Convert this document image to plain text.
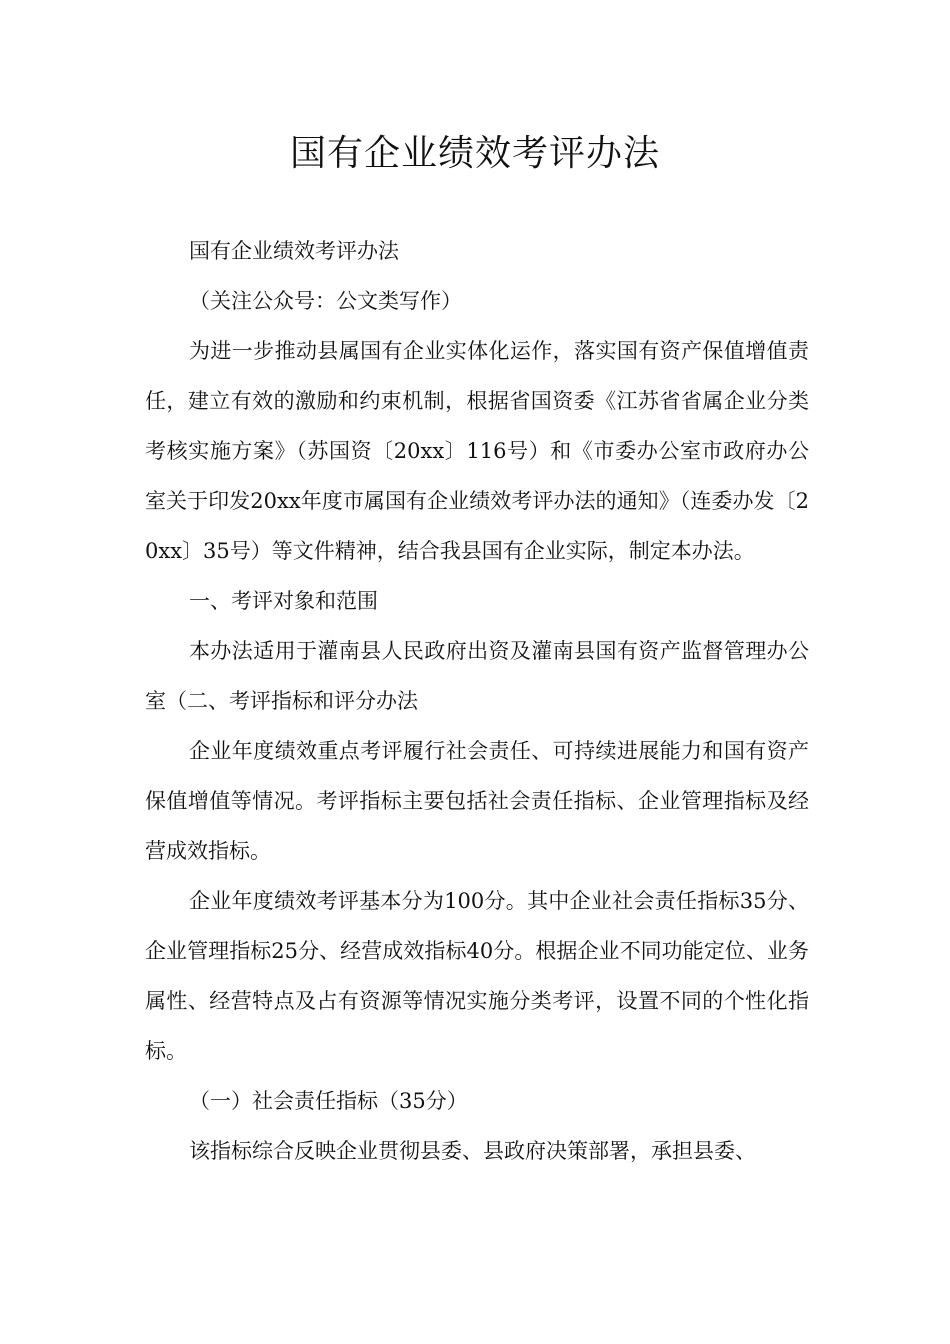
国有企业绩效考评办法

国有企业绩效考评办法

（关注公众号：公文类写作）

为进一步推动县属国有企业实体化运作，落实国有资产保值增值责任，建立有效的激励和约束机制，根据省国资委《江苏省省属企业分类考核实施方案》（苏国资〔20xx〕116号）和《市委办公室市政府办公室关于印发20xx年度市属国有企业绩效考评办法的通知》（连委办发〔20xx〕35号）等文件精神，结合我县国有企业实际，制定本办法。

一、考评对象和范围

本办法适用于灌南县人民政府出资及灌南县国有资产监督管理办公室（二、考评指标和评分办法

企业年度绩效重点考评履行社会责任、可持续进展能力和国有资产保值增值等情况。考评指标主要包括社会责任指标、企业管理指标及经营成效指标。

企业年度绩效考评基本分为100分。其中企业社会责任指标35分、企业管理指标25分、经营成效指标40分。根据企业不同功能定位、业务属性、经营特点及占有资源等情况实施分类考评，设置不同的个性化指标。

（一）社会责任指标（35分）

该指标综合反映企业贯彻县委、县政府决策部署，承担县委、
